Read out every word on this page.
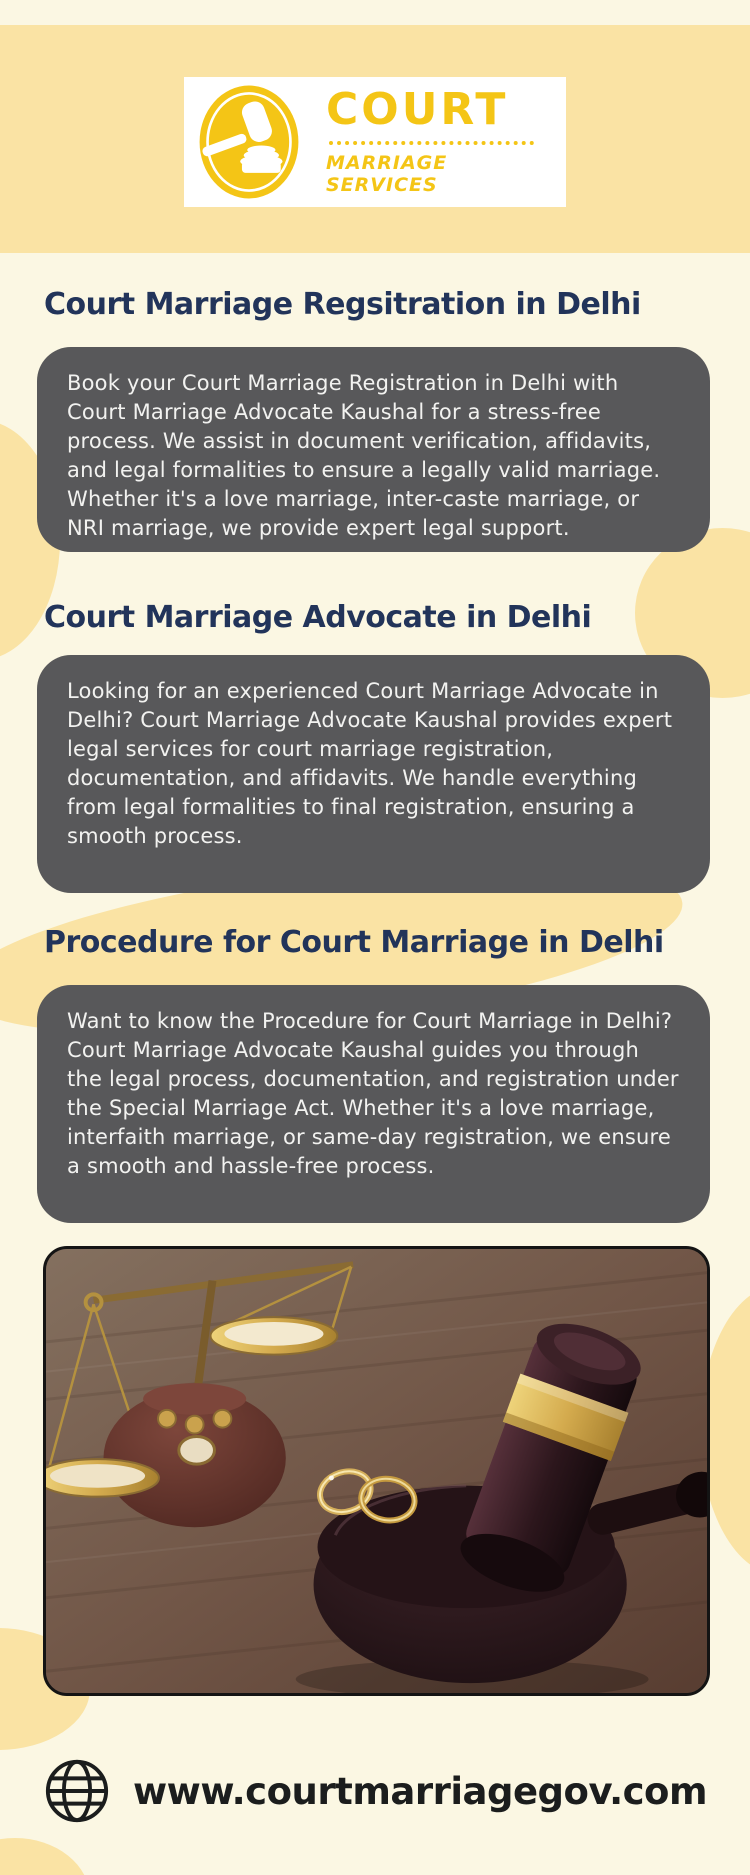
COURT
MARRIAGE SERVICES
Court Marriage Regsitration in Delhi

Book your Court Marriage Registration in Delhi with Court Marriage Advocate Kaushal for a stress-free process. We assist in document verification, affidavits, and legal formalities to ensure a legally valid marriage. Whether it's a love marriage, inter-caste marriage, or NRI marriage, we provide expert legal support.

Court Marriage Advocate in Delhi

Looking for an experienced Court Marriage Advocate in Delhi? Court Marriage Advocate Kaushal provides expert legal services for court marriage registration, documentation, and affidavits. We handle everything from legal formalities to final registration, ensuring a smooth process.

Procedure for Court Marriage in Delhi

Want to know the Procedure for Court Marriage in Delhi? Court Marriage Advocate Kaushal guides you through the legal process, documentation, and registration under the Special Marriage Act. Whether it's a love marriage, interfaith marriage, or same-day registration, we ensure a smooth and hassle-free process.

www.courtmarriagegov.com
